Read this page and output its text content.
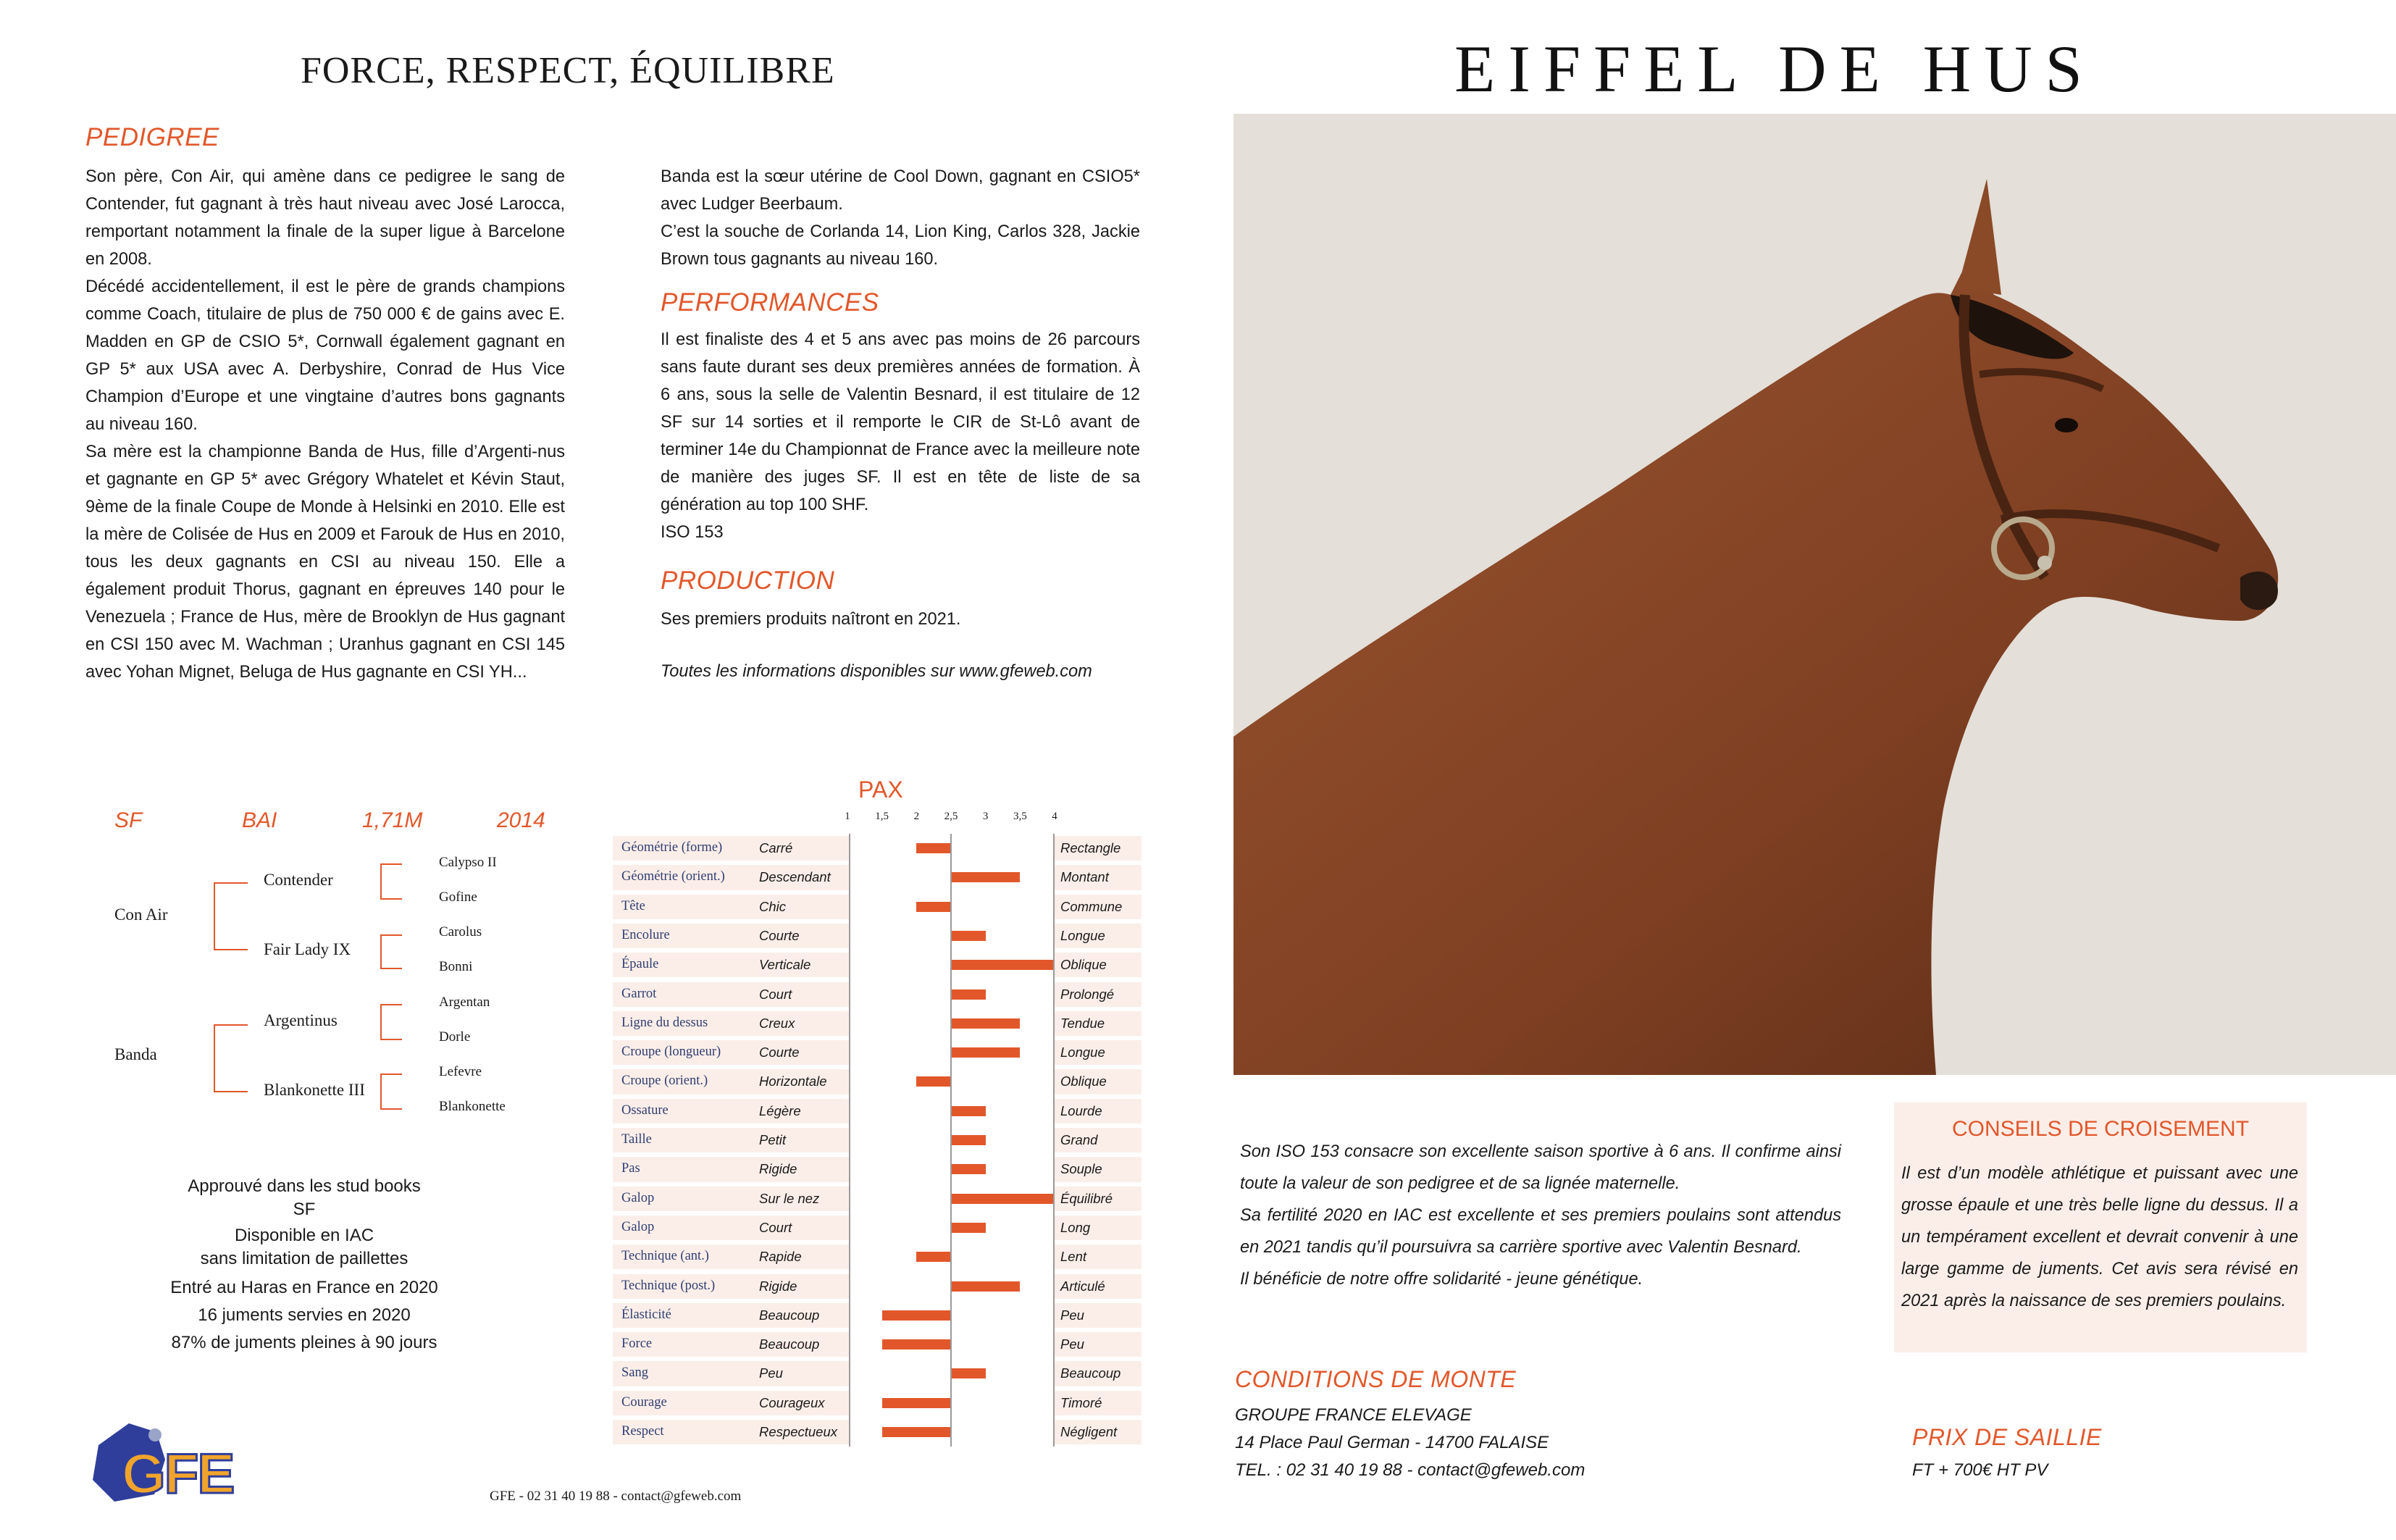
FORCE, RESPECT, ÉQUILIBRE
PEDIGREE

Son père, Con Air, qui amène dans ce pedigree le sang de Contender, fut gagnant à très haut niveau avec José Larocca, remportant notamment la finale de la super ligue à Barcelone en 2008.

Décédé accidentellement, il est le père de grands champions comme Coach, titulaire de plus de 750 000 € de gains avec E. Madden en GP de CSIO 5*, Cornwall également gagnant en GP 5* aux USA avec A. Derbyshire, Conrad de Hus Vice Champion d’Europe et une vingtaine d’autres bons gagnants au niveau 160.

Sa mère est la championne Banda de Hus, fille d’Argenti-nus et gagnante en GP 5* avec Grégory Whatelet et Kévin Staut, 9ème de la finale Coupe de Monde à Helsinki en 2010. Elle est la mère de Colisée de Hus en 2009 et Farouk de Hus en 2010, tous les deux gagnants en CSI au niveau 150. Elle a également produit Thorus, gagnant en épreuves 140 pour le Venezuela ; France de Hus, mère de Brooklyn de Hus gagnant en CSI 150 avec M. Wachman ; Uranhus gagnant en CSI 145 avec Yohan Mignet, Beluga de Hus gagnante en CSI YH...

Banda est la sœur utérine de Cool Down, gagnant en CSIO5* avec Ludger Beerbaum.

C’est la souche de Corlanda 14, Lion King, Carlos 328, Jackie Brown tous gagnants au niveau 160.

PERFORMANCES

Il est finaliste des 4 et 5 ans avec pas moins de 26 parcours sans faute durant ses deux premières années de formation. À 6 ans, sous la selle de Valentin Besnard, il est titulaire de 12 SF sur 14 sorties et il remporte le CIR de St-Lô avant de terminer 14e du Championnat de France avec la meilleure note de manière des juges SF. Il est en tête de liste de sa génération au top 100 SHF.

ISO 153

PRODUCTION
Ses premiers produits naîtront en 2021.
Toutes les informations disponibles sur www.gfeweb.com
SF	BAI	1,71M	2014
Con Air
Banda
Contender
Fair Lady IX
Argentinus
Blankonette III
Calypso II
Gofine
Carolus
Bonni
Argentan
Dorle
Lefevre
Blankonette
Approuvé dans les stud books
SF
Disponible en IAC
sans limitation de paillettes
Entré au Haras en France en 2020
16 juments servies en 2020
87% de juments pleines à 90 jours
GFE	GFE - 02 31 40 19 88 - contact@gfeweb.com
PAX
1	1,5	2	2,5	3	3,5	4
Géométrie (forme)	Carré	Rectangle
Géométrie (orient.)	Descendant	Montant
Tête	Chic	Commune
Encolure	Courte	Longue
Épaule	Verticale	Oblique
Garrot	Court	Prolongé
Ligne du dessus	Creux	Tendue
Croupe (longueur)	Courte	Longue
Croupe (orient.)	Horizontale	Oblique
Ossature	Légère	Lourde
Taille	Petit	Grand
Pas	Rigide	Souple
Galop	Sur le nez	Équilibré
Galop	Court	Long
Technique (ant.)	Rapide	Lent
Technique (post.)	Rigide	Articulé
Élasticité	Beaucoup	Peu
Force	Beaucoup	Peu
Sang	Peu	Beaucoup
Courage	Courageux	Timoré
Respect	Respectueux	Négligent
EIFFEL DE HUS

Son ISO 153 consacre son excellente saison sportive à 6 ans. Il confirme ainsi toute la valeur de son pedigree et de sa lignée maternelle.

Sa fertilité 2020 en IAC est excellente et ses premiers poulains sont attendus en 2021 tandis qu’il poursuivra sa carrière sportive avec Valentin Besnard.

Il bénéficie de notre offre solidarité - jeune génétique.

CONSEILS DE CROISEMENT
Il est d’un modèle athlétique et puissant avec une grosse épaule et une très belle ligne du dessus. Il a un tempérament excellent et devrait convenir à une large gamme de juments. Cet avis sera révisé en 2021 après la naissance de ses premiers poulains.
CONDITIONS DE MONTE
GROUPE FRANCE ELEVAGE
14 Place Paul German - 14700 FALAISE
TEL. : 02 31 40 19 88 - contact@gfeweb.com
PRIX DE SAILLIE
FT + 700€ HT PV
